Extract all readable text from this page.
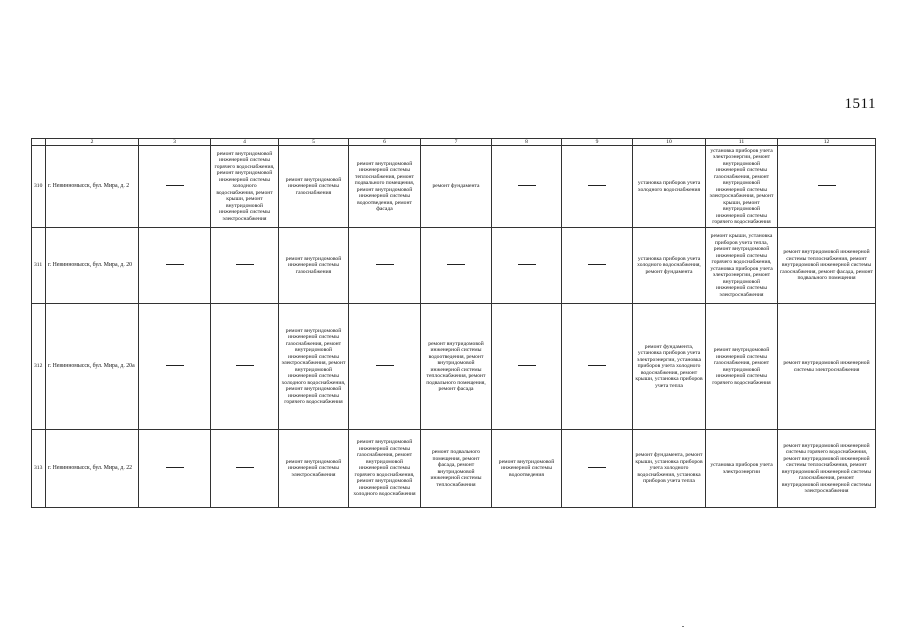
1511
	2	3	4	5	6	7	8	9	10	11	12
310	г. Невинномысск, бул. Мира, д. 2		ремонт внутридомовой инженерной системы горячего водоснабжения, ремонт внутридомовой инженерной системы холодного водоснабжения, ремонт крыши, ремонт внутридомовой инженерной системы электроснабжения	ремонт внутридомовой инженерной системы газоснабжения	ремонт внутридомовой инженерной системы теплоснабжения, ремонт подвального помещения, ремонт внутридомовой инженерной системы водоотведения, ремонт фасада	ремонт фундамента			установка приборов учета холодного водоснабжения	установка приборов учета электроэнергии, ремонт внутридомовой инженерной системы газоснабжения, ремонт внутридомовой инженерной системы электроснабжения, ремонт крыши, ремонт внутридомовой инженерной системы горячего водоснабжения	

311	г. Невинномысск, бул. Мира, д. 20			ремонт внутридомовой инженерной системы газоснабжения					установка приборов учета холодного водоснабжения, ремонт фундамента	ремонт крыши, установка приборов учета тепла, ремонт внутридомовой инженерной системы горячего водоснабжения, установка приборов учета электроэнергии, ремонт внутридомовой инженерной системы электроснабжения	ремонт внутридомовой инженерной системы теплоснабжения, ремонт внутридомовой инженерной системы газоснабжения, ремонт фасада, ремонт подвального помещения

312	г. Невинномысск, бул. Мира, д. 20а			ремонт внутридомовой инженерной системы газоснабжения, ремонт внутридомовой инженерной системы электроснабжения, ремонт внутридомовой инженерной системы холодного водоснабжения, ремонт внутридомовой инженерной системы горячего водоснабжения		ремонт внутридомовой инженерной системы водоотведения, ремонт внутридомовой инженерной системы теплоснабжения, ремонт подвального помещения, ремонт фасада			ремонт фундамента, установка приборов учета электроэнергии, установка приборов учета холодного водоснабжения, ремонт крыши, установка приборов учета тепла	ремонт внутридомовой инженерной системы газоснабжения, ремонт внутридомовой инженерной системы горячего водоснабжения	ремонт внутридомовой инженерной системы электроснабжения

313	г. Невинномысск, бул. Мира, д. 22			ремонт внутридомовой инженерной системы электроснабжения	ремонт внутридомовой инженерной системы газоснабжения, ремонт внутридомовой инженерной системы горячего водоснабжения, ремонт внутридомовой инженерной системы холодного водоснабжения	ремонт подвального помещения, ремонт фасада, ремонт внутридомовой инженерной системы теплоснабжения	ремонт внутридомовой инженерной системы водоотведения		ремонт фундамента, ремонт крыши, установка приборов учета холодного водоснабжения, установка приборов учета тепла	установка приборов учета электроэнергии	ремонт внутридомовой инженерной системы горячего водоснабжения, ремонт внутридомовой инженерной системы теплоснабжения, ремонт внутридомовой инженерной системы газоснабжения, ремонт внутридомовой инженерной системы электроснабжения
